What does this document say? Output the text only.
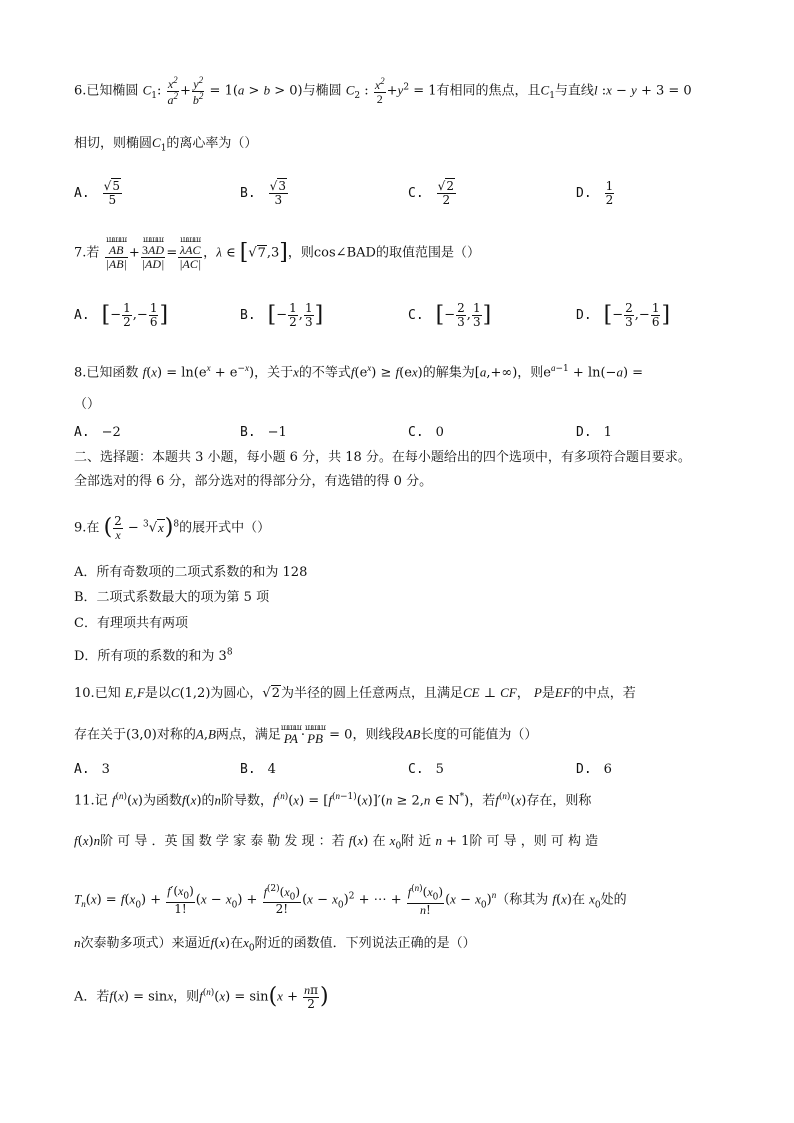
6.已知椭圆 $C_1$: $\frac{x^2}{a^2} + \frac{y^2}{b^2} = 1(a > b > 0)$与椭圆 $C_2$ : $\frac{x^2}{2} +y^2 = 1$有相同的焦点，且$C_1$与直线l :x − y + 3 = 0
相切，则椭圆$C_1$的离心率为（）
A. $\frac{√5}{5}$	B. $\frac{√3}{3}$	C. $\frac{√2}{2}$	D. $\frac{1}{2}$
7.若 ꟺꟺꟺ
AB
|AB| + ꟺꟺꟺ
3AD
|AD| = ꟺꟺꟺ
λAC
|AC| ，λ ∈ [√7,3]，则cos∠BAD的取值范围是（）
A. [− $\frac{1}{2}$ ,− $\frac{1}{6}$ ]	B. [− $\frac{1}{2}$ , $\frac{1}{3}$ ]	C. [− $\frac{2}{3}$ , $\frac{1}{3}$ ]	D. [− $\frac{2}{3}$ ,− $\frac{1}{6}$ ]
8.已知函数 $f(x) = \ln(e^x + e^{-x})$，关于x的不等式$f(e^x) \ge f(ex)$的解集为[a,+∞)，则$e^{a-1} + \ln(-a)$ =
（）
A. −2	B. −1	C. 0	D. 1
二、选择题：本题共 3 小题，每小题 6 分，共 18 分。在每小题给出的四个选项中，有多项符合题目要求。
全部选对的得 6 分，部分选对的得部分分，有选错的得 0 分。
9.在 ( $\frac{2}{x} - ^3√x)^8$的展开式中（）
A．所有奇数项的二项式系数的和为 128
B．二项式系数最大的项为第 5 项
C．有理项共有两项
D．所有项的系数的和为 $3^8$
10.已知 E,F是以C(1,2)为圆心，√2为半径的圆上任意两点，且满足CE ⊥ CF， P是EF的中点，若
存在关于(3,0)对称的A,B两点，满足
ꟺꟺꟺ
PA ·
ꟺꟺꟺ
PB = 0，则线段AB长度的可能值为（）
A. 3	B. 4	C. 5	D. 6
11.记 $f^{(n)}(x)$为函数f(x)的n阶导数，$f^{(n)}(x) = [f^{(n-1)}(x)]'(n \ge 2,n$ ∈ N*)，若$f^{(n)}(x)$存在，则称
f(x)n阶 可 导 ．英 国 数 学 家 泰 勒 发 现 ：若 f(x) 在 $x_0$附 近 n + 1阶 可 导 ，则 可 构 造
$T_n(x) = f(x_0) + \frac{f'(x_0)}{1!} (x - x_0) + \frac{f^{(2)}(x_0)}{2!} (x - x_0)^2$ + ⋯ + $\frac{f^{(n)}(x_0)}{n!} (x - x_0)^n$（称其为 f(x)在 $x_0$处的
n次泰勒多项式）来逼近f(x)在$x_0$附近的函数值．下列说法正确的是（）
A．若f(x) = sinx，则$f^{(n)}(x) = \sin(x + \frac{n\pi}{2}$ )
